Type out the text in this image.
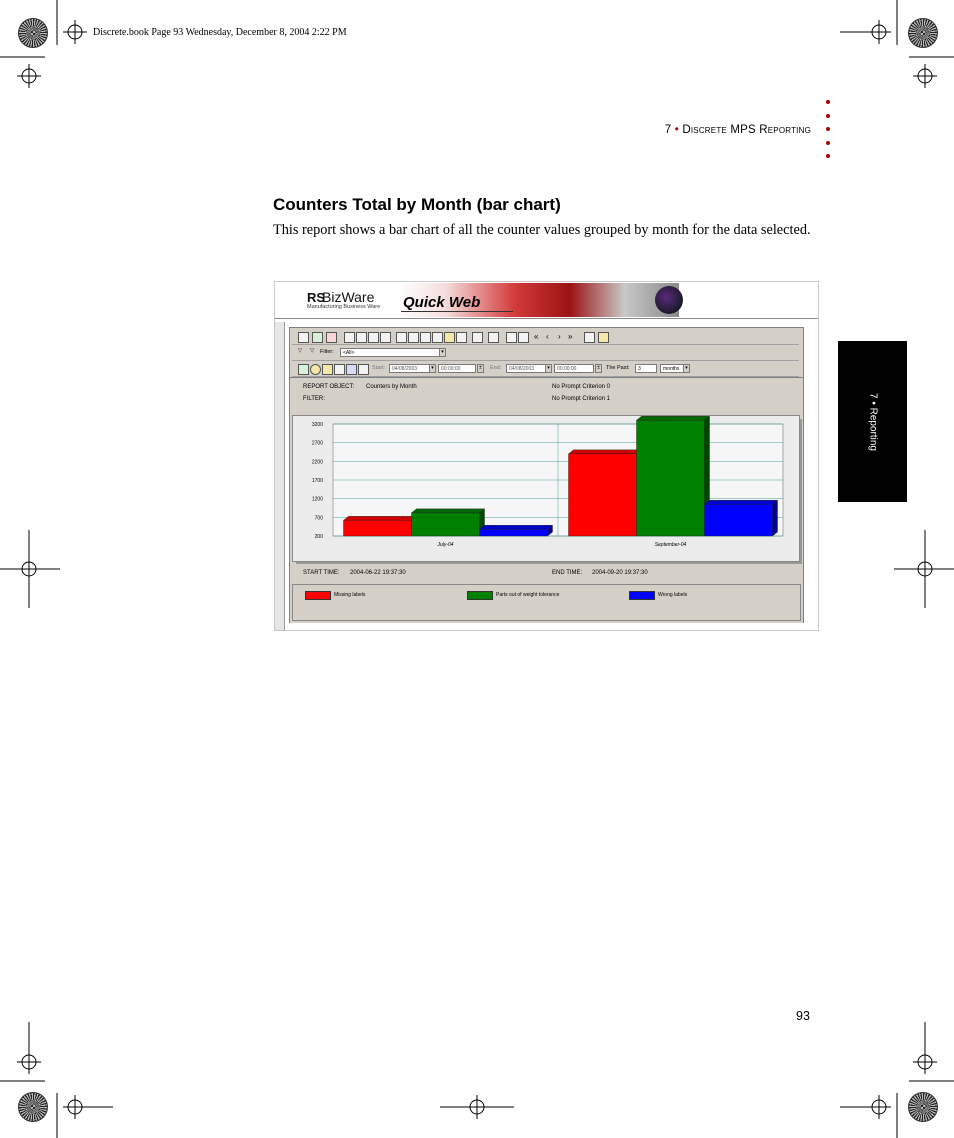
Discrete.book Page 93 Wednesday, December 8, 2004 2:22 PM
7 • Discrete MPS Reporting
7 • Reporting
Counters Total by Month (bar chart)
This report shows a bar chart of all the counter values grouped by month for the data selected.
RS
BizWare
Manufacturing Business Ware Quick Web
« ‹ › »
▽ ▽ Filter:	<All>	▾
Start:	04/08/2003	▾	00:00:00	±	End:	04/08/2003	▾	00:00:00	±	The Past:	3	months	▾
REPORT OBJECT: Counters by Month
FILTER:
No Prompt Criterion 0
No Prompt Criterion 1
3200
2700
2200
1700
1200
700
200
July-04	September-04
START TIME: 2004-06-22 19:37:30	END TIME: 2004-09-20 19:37:30
Missing labels	Parts out of weight tolerance	Wrong labels
93
